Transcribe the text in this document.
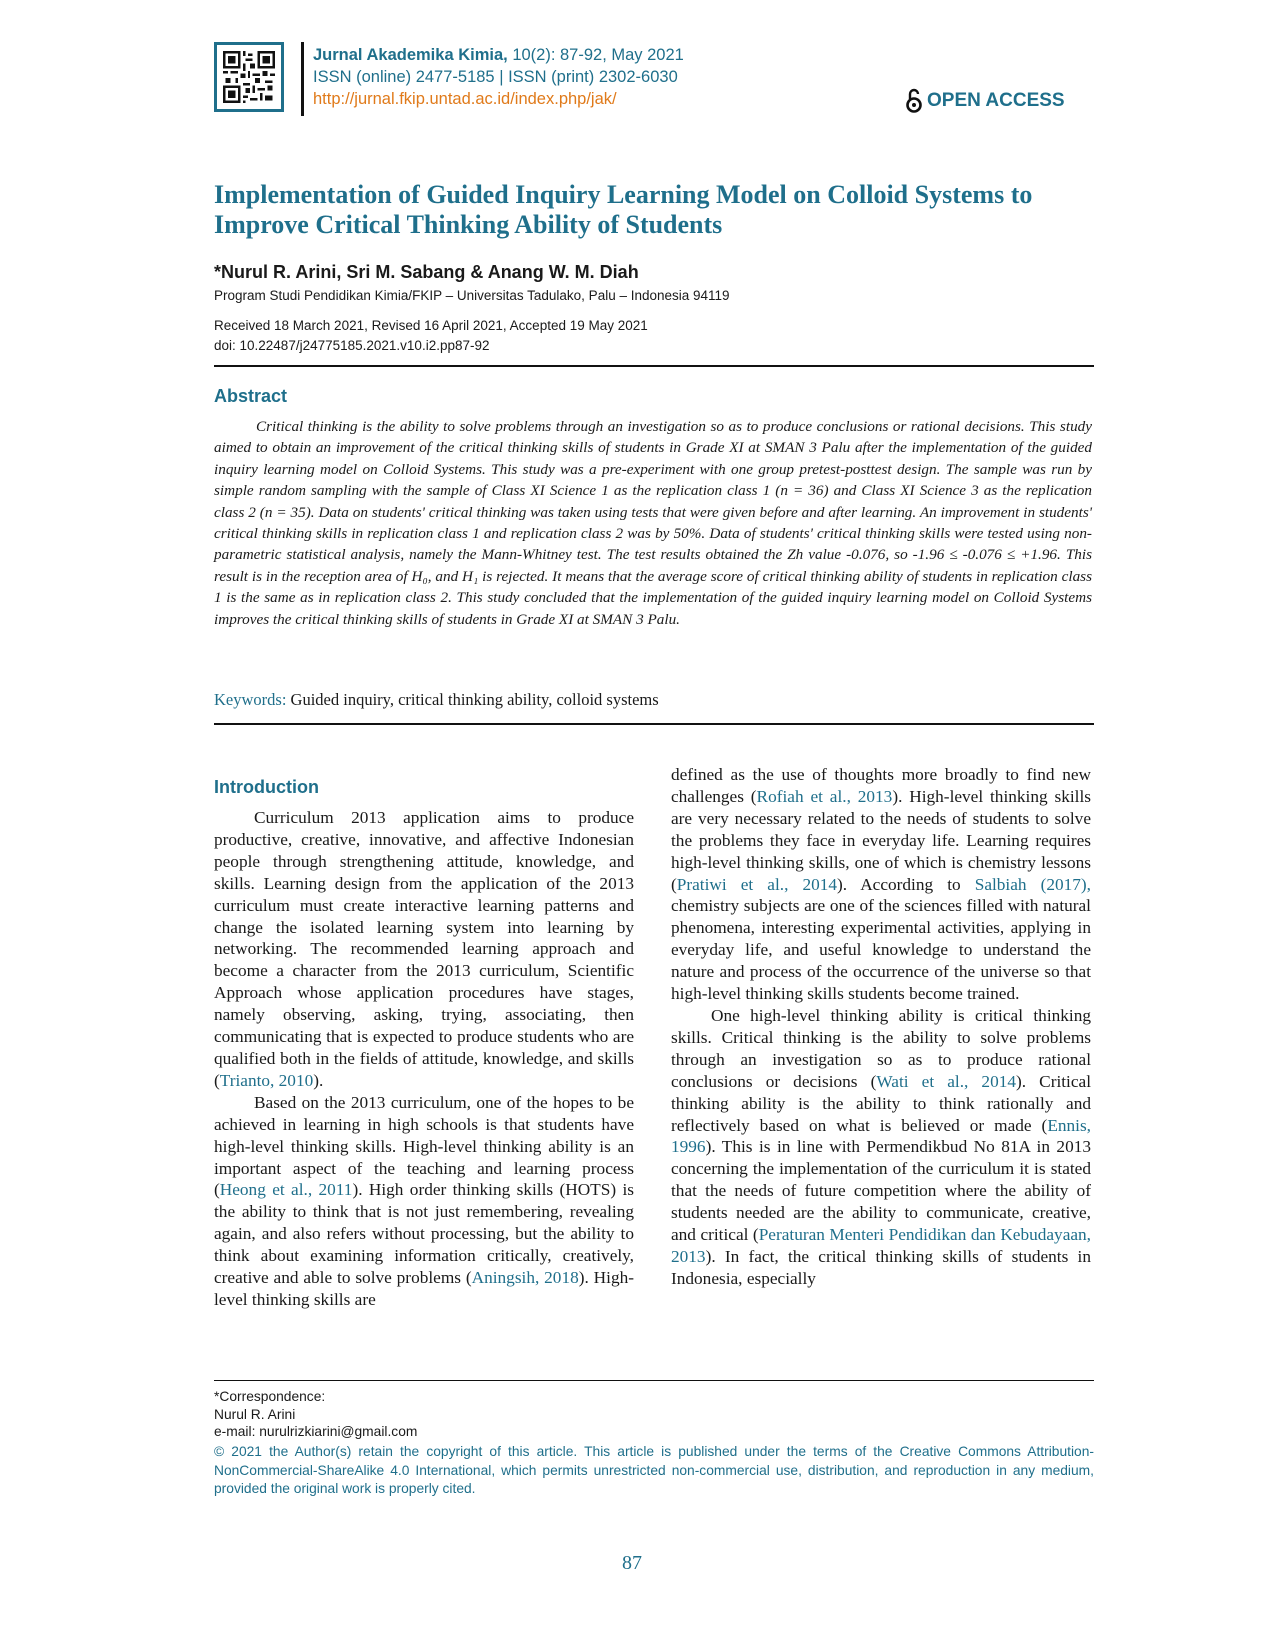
Jurnal Akademika Kimia, 10(2): 87-92, May 2021
ISSN (online) 2477-5185 | ISSN (print) 2302-6030
http://jurnal.fkip.untad.ac.id/index.php/jak/	OPEN ACCESS
Implementation of Guided Inquiry Learning Model on Colloid Systems to Improve Critical Thinking Ability of Students
*Nurul R. Arini, Sri M. Sabang & Anang W. M. Diah
Program Studi Pendidikan Kimia/FKIP – Universitas Tadulako, Palu – Indonesia 94119
Received 18 March 2021, Revised 16 April 2021, Accepted 19 May 2021
doi: 10.22487/j24775185.2021.v10.i2.pp87-92
Abstract

Critical thinking is the ability to solve problems through an investigation so as to produce conclusions or rational decisions. This study aimed to obtain an improvement of the critical thinking skills of students in Grade XI at SMAN 3 Palu after the implementation of the guided inquiry learning model on Colloid Systems. This study was a pre-experiment with one group pretest-posttest design. The sample was run by simple random sampling with the sample of Class XI Science 1 as the replication class 1 (n = 36) and Class XI Science 3 as the replication class 2 (n = 35). Data on students' critical thinking was taken using tests that were given before and after learning. An improvement in students' critical thinking skills in replication class 1 and replication class 2 was by 50%. Data of students' critical thinking skills were tested using non-parametric statistical analysis, namely the Mann-Whitney test. The test results obtained the Zh value -0.076, so -1.96 ≤ -0.076 ≤ +1.96. This result is in the reception area of H₀, and H₁ is rejected. It means that the average score of critical thinking ability of students in replication class 1 is the same as in replication class 2. This study concluded that the implementation of the guided inquiry learning model on Colloid Systems improves the critical thinking skills of students in Grade XI at SMAN 3 Palu.

Keywords: Guided inquiry, critical thinking ability, colloid systems
Introduction

Curriculum 2013 application aims to produce productive, creative, innovative, and affective Indonesian people through strengthening attitude, knowledge, and skills. Learning design from the application of the 2013 curriculum must create interactive learning patterns and change the isolated learning system into learning by networking. The recommended learning approach and become a character from the 2013 curriculum, Scientific Approach whose application procedures have stages, namely observing, asking, trying, associating, then communicating that is expected to produce students who are qualified both in the fields of attitude, knowledge, and skills (Trianto, 2010).

Based on the 2013 curriculum, one of the hopes to be achieved in learning in high schools is that students have high-level thinking skills. High-level thinking ability is an important aspect of the teaching and learning process (Heong et al., 2011). High order thinking skills (HOTS) is the ability to think that is not just remembering, revealing again, and also refers without processing, but the ability to think about examining information critically, creatively, creative and able to solve problems (Aningsih, 2018). High-level thinking skills are

defined as the use of thoughts more broadly to find new challenges (Rofiah et al., 2013). High-level thinking skills are very necessary related to the needs of students to solve the problems they face in everyday life. Learning requires high-level thinking skills, one of which is chemistry lessons (Pratiwi et al., 2014). According to Salbiah (2017), chemistry subjects are one of the sciences filled with natural phenomena, interesting experimental activities, applying in everyday life, and useful knowledge to understand the nature and process of the occurrence of the universe so that high-level thinking skills students become trained.

One high-level thinking ability is critical thinking skills. Critical thinking is the ability to solve problems through an investigation so as to produce rational conclusions or decisions (Wati et al., 2014). Critical thinking ability is the ability to think rationally and reflectively based on what is believed or made (Ennis, 1996). This is in line with Permendikbud No 81A in 2013 concerning the implementation of the curriculum it is stated that the needs of future competition where the ability of students needed are the ability to communicate, creative, and critical (Peraturan Menteri Pendidikan dan Kebudayaan, 2013). In fact, the critical thinking skills of students in Indonesia, especially

*Correspondence:
Nurul R. Arini
e-mail: nurulrizkiarini@gmail.com

© 2021 the Author(s) retain the copyright of this article. This article is published under the terms of the Creative Commons Attribution-NonCommercial-ShareAlike 4.0 International, which permits unrestricted non-commercial use, distribution, and reproduction in any medium, provided the original work is properly cited.

87
